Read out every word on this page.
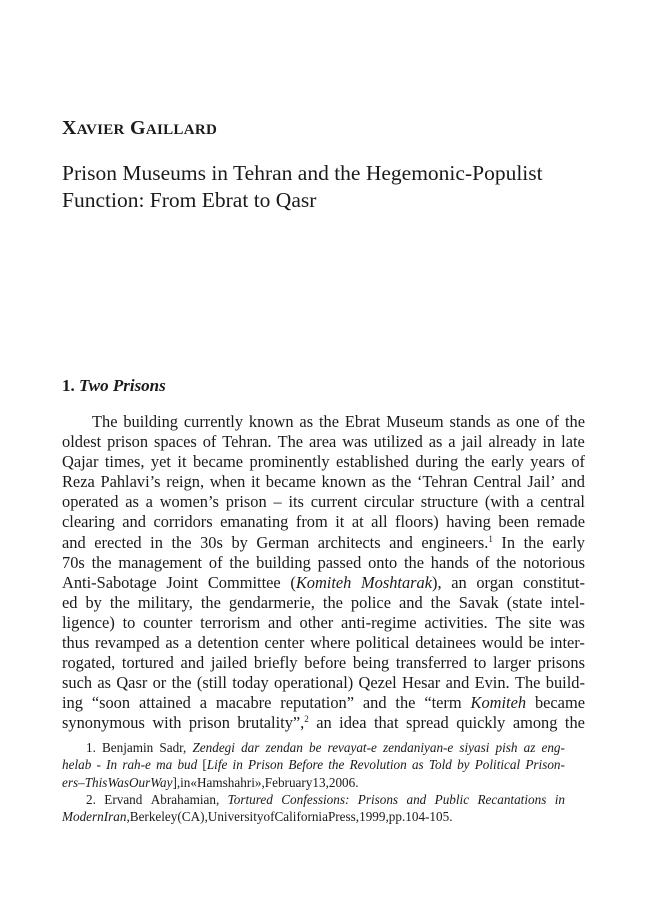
XAVIER GAILLARD
Prison Museums in Tehran and the Hegemonic-Populist
Function: From Ebrat to Qasr
1. Two Prisons
The building currently known as the Ebrat Museum stands as one of the
oldest prison spaces of Tehran. The area was utilized as a jail already in late
Qajar times, yet it became prominently established during the early years of
Reza Pahlavi’s reign, when it became known as the ‘Tehran Central Jail’ and
operated as a women’s prison – its current circular structure (with a central
clearing and corridors emanating from it at all floors) having been remade
and erected in the 30s by German architects and engineers.$^1$ In the early
70s the management of the building passed onto the hands of the notorious
Anti-Sabotage Joint Committee (Komiteh Moshtarak), an organ constitut-
ed by the military, the gendarmerie, the police and the Savak (state intel-
ligence) to counter terrorism and other anti-regime activities. The site was
thus revamped as a detention center where political detainees would be inter-
rogated, tortured and jailed briefly before being transferred to larger prisons
such as Qasr or the (still today operational) Qezel Hesar and Evin. The build-
ing “soon attained a macabre reputation” and the “term Komiteh became
synonymous with prison brutality”,$^2$ an idea that spread quickly among the
1. Benjamin Sadr, Zendegi dar zendan be revayat-e zendaniyan-e siyasi pish az eng-
helab - In rah-e ma bud [Life in Prison Before the Revolution as Told by Political Prison-
ers – This Was Our Way], in «Hamshahri», February 13, 2006.
2. Ervand Abrahamian, Tortured Confessions: Prisons and Public Recantations in
Modern Iran, Berkeley (CA), University of California Press, 1999, pp. 104-105.
